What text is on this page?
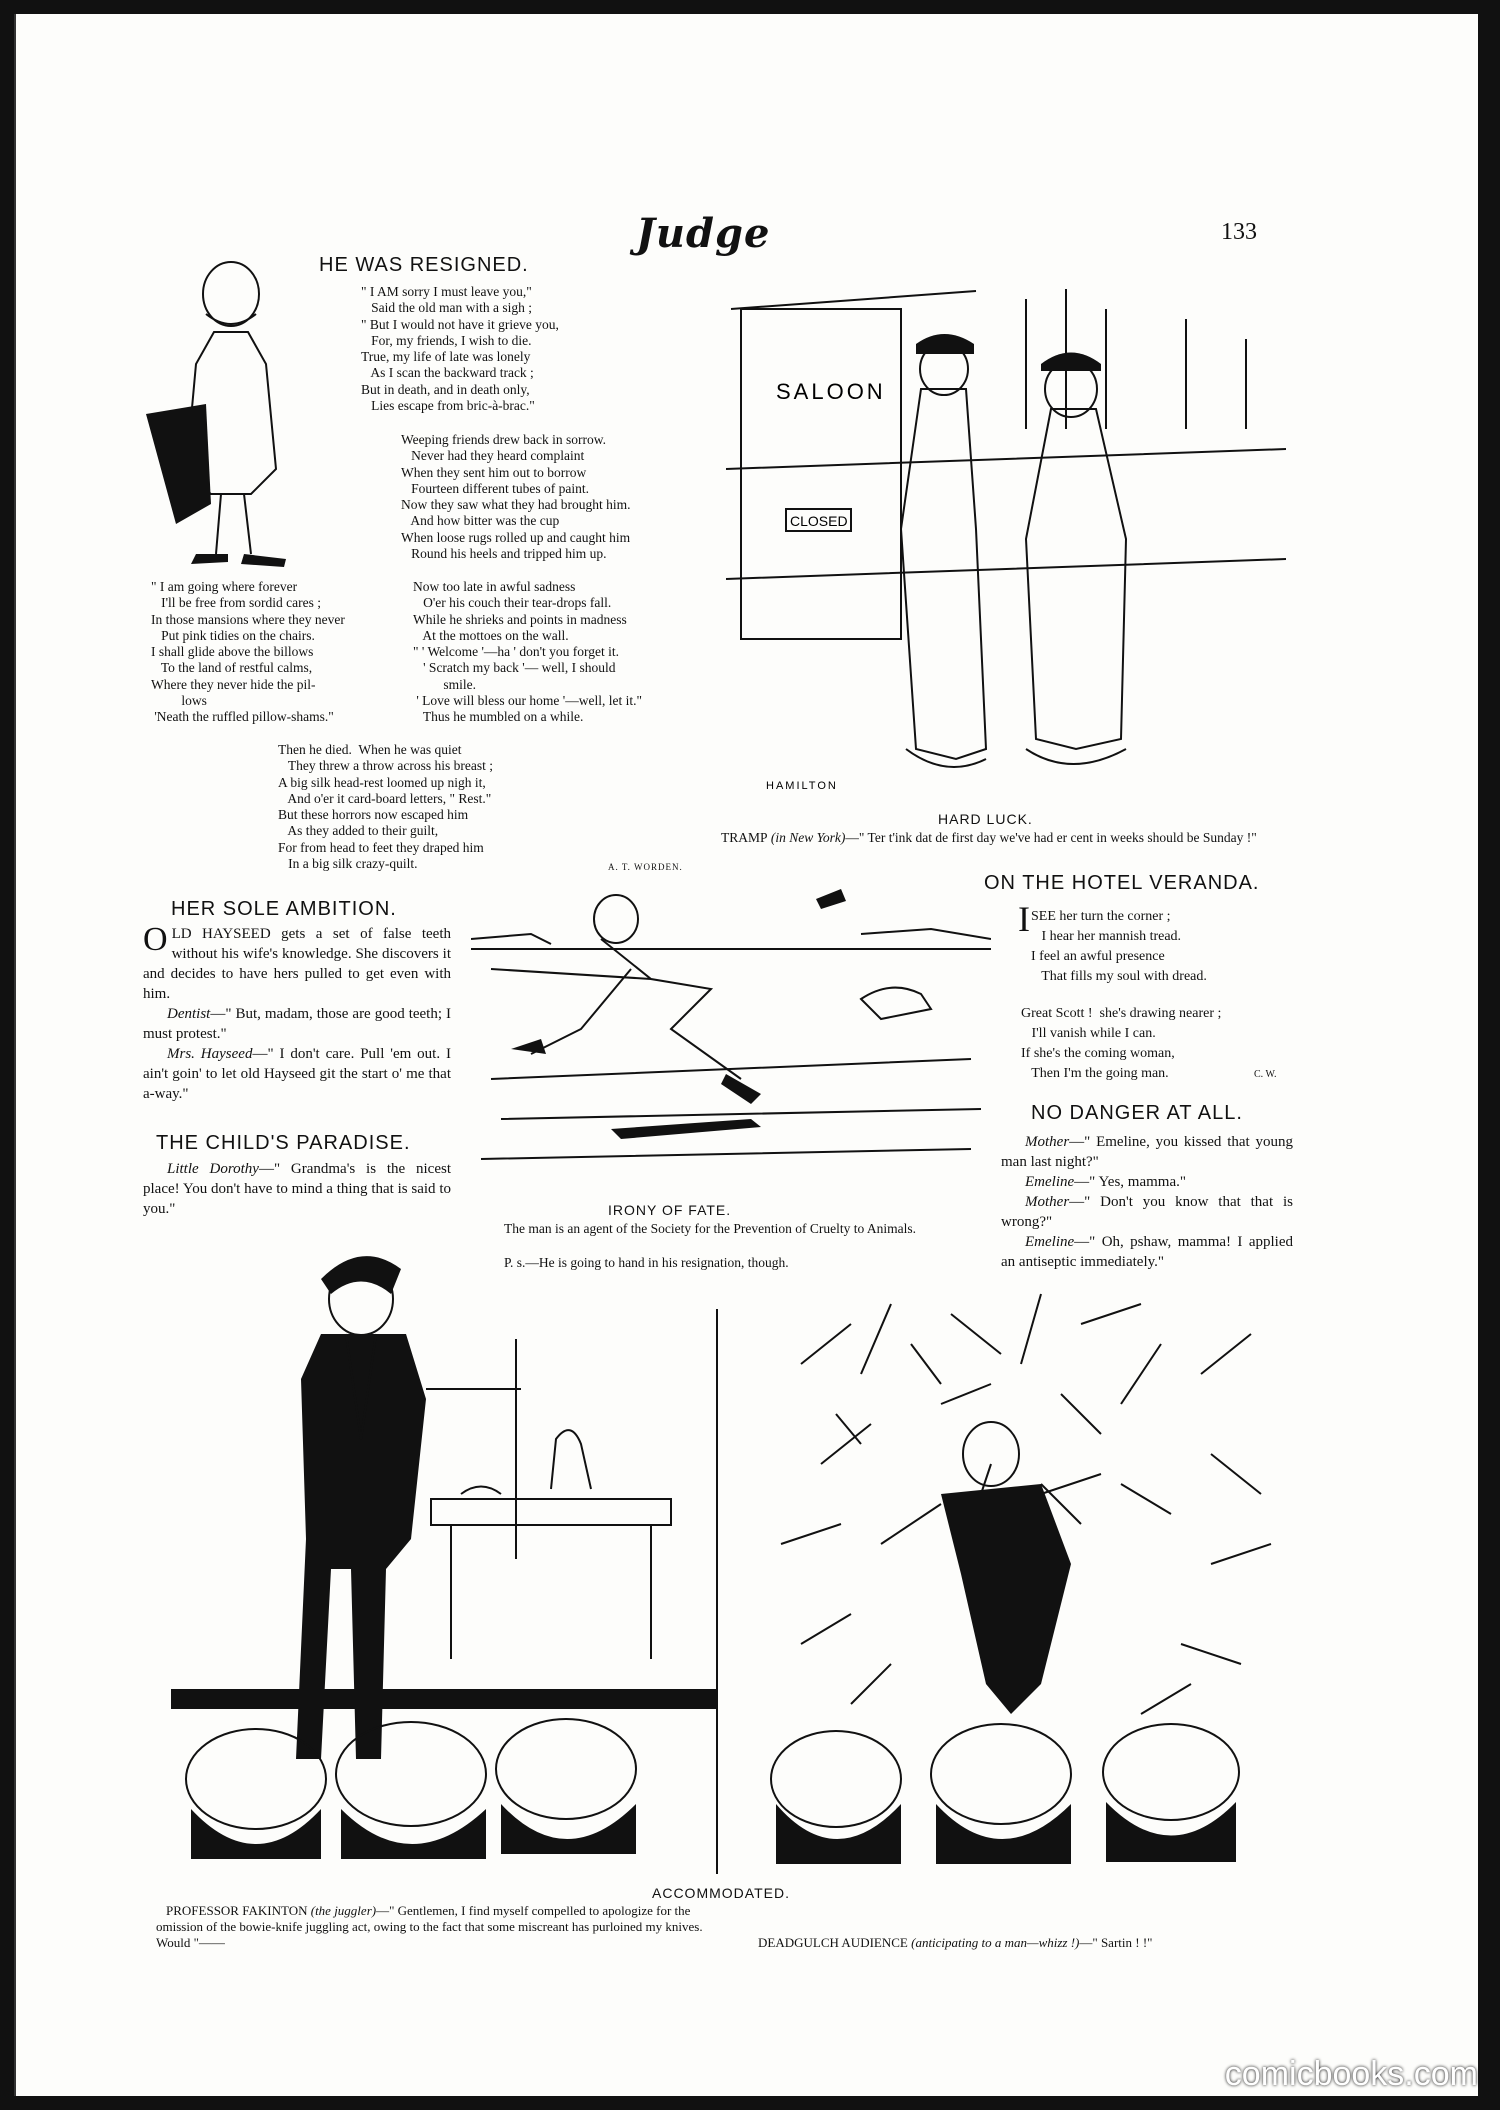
Judge	133
HE WAS RESIGNED.
" I AM sorry I must leave you,"
Said the old man with a sigh ;
" But I would not have it grieve you,
For, my friends, I wish to die.
True, my life of late was lonely
As I scan the backward track ;
But in death, and in death only,
Lies escape from bric-à-brac."
Weeping friends drew back in sorrow.
Never had they heard complaint
When they sent him out to borrow
Fourteen different tubes of paint.
Now they saw what they had brought him.
And how bitter was the cup
When loose rugs rolled up and caught him
Round his heels and tripped him up.
" I am going where forever
I'll be free from sordid cares ;
In those mansions where they never
Put pink tidies on the chairs.
I shall glide above the billows
To the land of restful calms,
Where they never hide the pil-
lows
'Neath the ruffled pillow-shams."
Now too late in awful sadness
O'er his couch their tear-drops fall.
While he shrieks and points in madness
At the mottoes on the wall.
" ' Welcome '—ha ' don't you forget it.
' Scratch my back '— well, I should
smile.
' Love will bless our home '—well, let it."
Thus he mumbled on a while.
Then he died.  When he was quiet
They threw a throw across his breast ;
A big silk head-rest loomed up nigh it,
And o'er it card-board letters, " Rest."
But these horrors now escaped him
As they added to their guilt,
For from head to feet they draped him
In a big silk crazy-quilt.	A. T. WORDEN.
SALOON
CLOSED
HAMILTON
HARD LUCK.
TRAMP (in New York)—" Ter t'ink dat de first day we've had er cent in weeks should be Sunday !"
HER SOLE AMBITION.

OLD HAYSEED gets a set of false teeth without his wife's knowledge. She discovers it and decides to have hers pulled to get even with him.

Dentist—" But, madam, those are good teeth; I must protest."

Mrs. Hayseed—" I don't care. Pull 'em out. I ain't goin' to let old Hayseed git the start o' me that a-way."

THE CHILD'S PARADISE.

Little Dorothy—" Grandma's is the nicest place! You don't have to mind a thing that is said to you."	IRONY OF FATE.
The man is an agent of the Society for the Prevention of Cruelty to Animals.
P. s.—He is going to hand in his resignation, though.
ON THE HOTEL VERANDA.
I SEE her turn the corner ;
I hear her mannish tread.
I feel an awful presence
That fills my soul with dread.
Great Scott !  she's drawing nearer ;
I'll vanish while I can.
If she's the coming woman,
Then I'm the going man.	C. W.
NO DANGER AT ALL.

Mother—" Emeline, you kissed that young man last night?"

Emeline—" Yes, mamma."

Mother—" Don't you know that that is wrong?"

Emeline—" Oh, pshaw, mamma! I applied an antiseptic immediately."

ACCOMMODATED.
PROFESSOR FAKINTON (the juggler)—" Gentlemen, I find myself compelled to apologize for the omission of the bowie-knife juggling act, owing to the fact that some miscreant has purloined my knives. Would "——	DEADGULCH AUDIENCE (anticipating to a man—whizz !)—" Sartin ! !"
comicbooks.com
